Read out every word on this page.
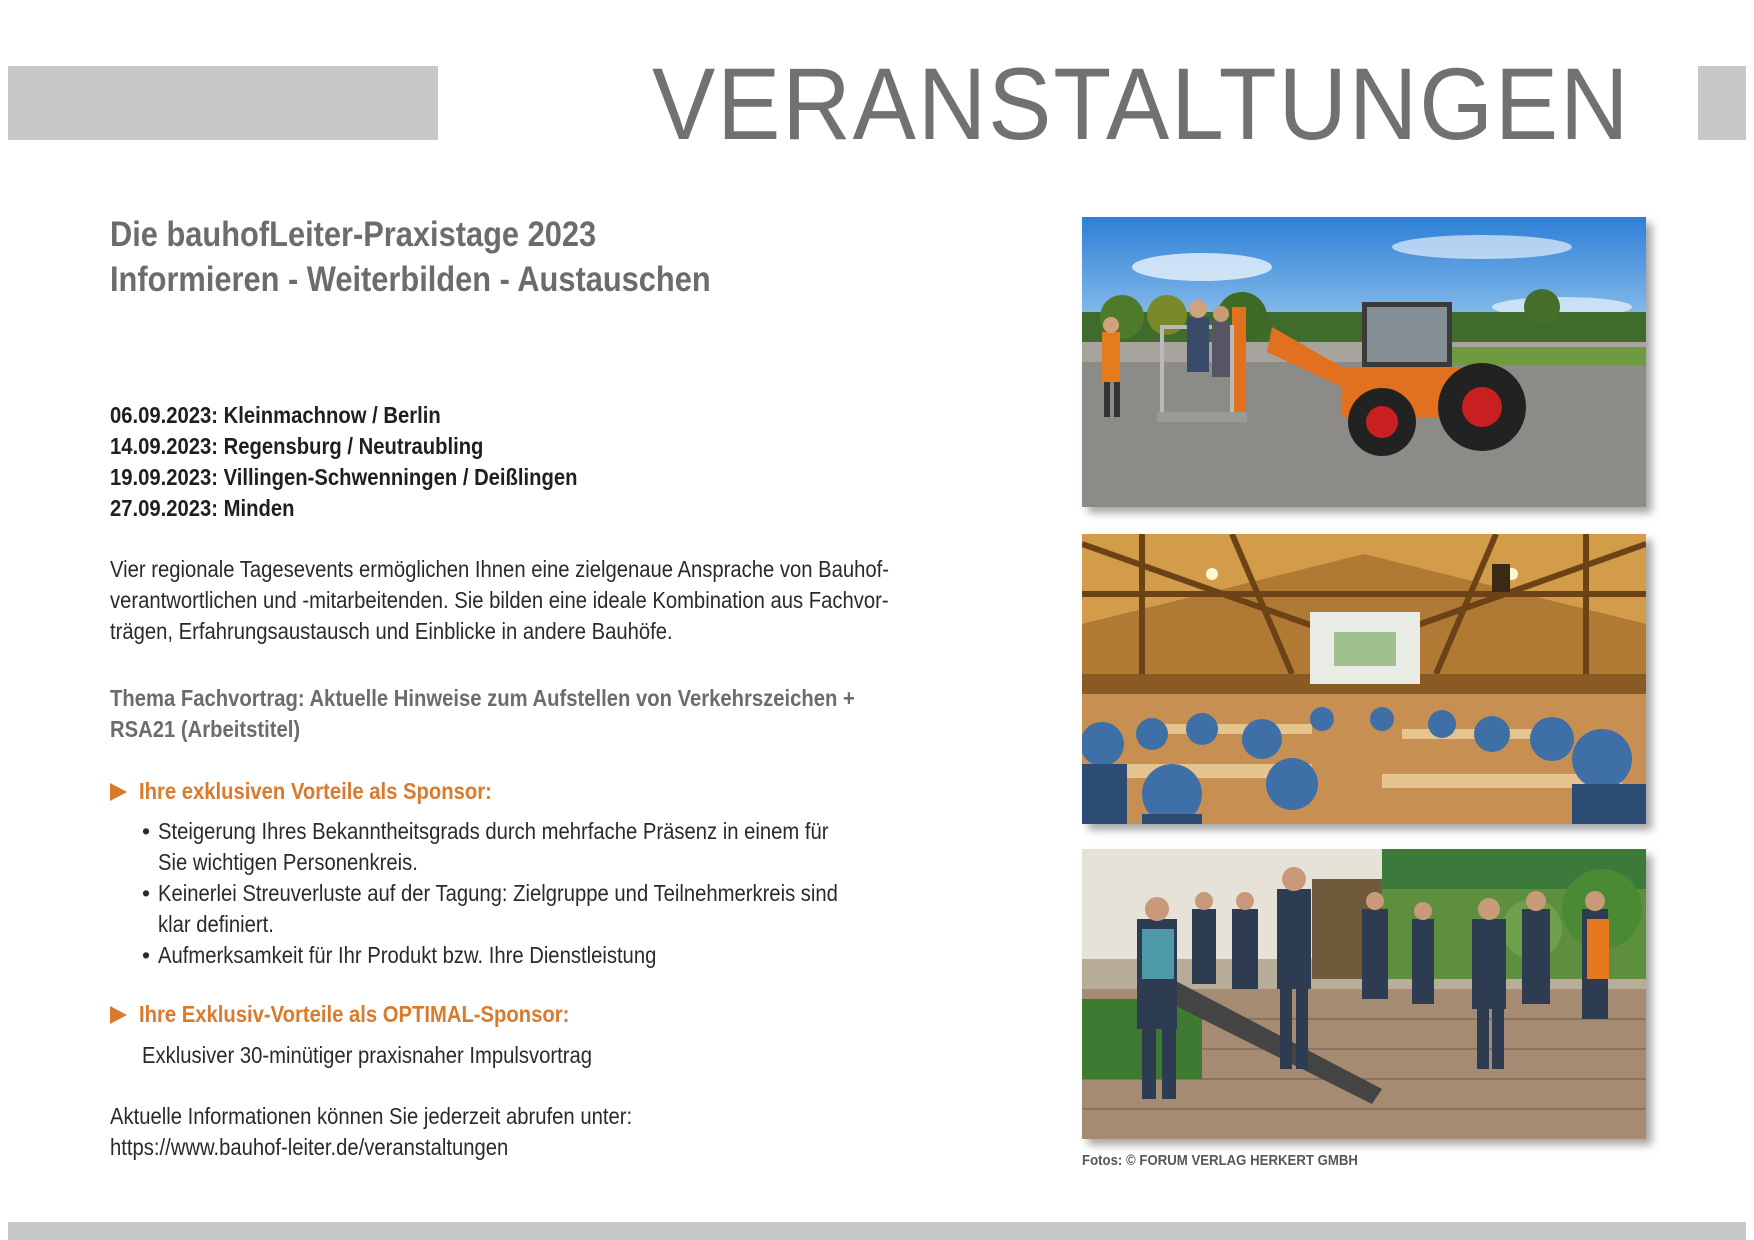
VERANSTALTUNGEN
Die bauhofLeiter-Praxistage 2023
Informieren - Weiterbilden - Austauschen
06.09.2023: Kleinmachnow / Berlin
14.09.2023: Regensburg / Neutraubling
19.09.2023: Villingen-Schwenningen / Deißlingen
27.09.2023: Minden
Vier regionale Tagesevents ermöglichen Ihnen eine zielgenaue Ansprache von Bauhof-
verantwortlichen und -mitarbeitenden. Sie bilden eine ideale Kombination aus Fachvor-
trägen, Erfahrungsaustausch und Einblicke in andere Bauhöfe.
Thema Fachvortrag: Aktuelle Hinweise zum Aufstellen von Verkehrszeichen +
RSA21 (Arbeitstitel)
Ihre exklusiven Vorteile als Sponsor:
• Steigerung Ihres Bekanntheitsgrads durch mehrfache Präsenz in einem für
Sie wichtigen Personenkreis.
• Keinerlei Streuverluste auf der Tagung: Zielgruppe und Teilnehmerkreis sind
klar definiert.
• Aufmerksamkeit für Ihr Produkt bzw. Ihre Dienstleistung
Ihre Exklusiv-Vorteile als OPTIMAL-Sponsor:
Exklusiver 30-minütiger praxisnaher Impulsvortrag
Aktuelle Informationen können Sie jederzeit abrufen unter:
https://www.bauhof-leiter.de/veranstaltungen
Fotos: © FORUM VERLAG HERKERT GMBH
